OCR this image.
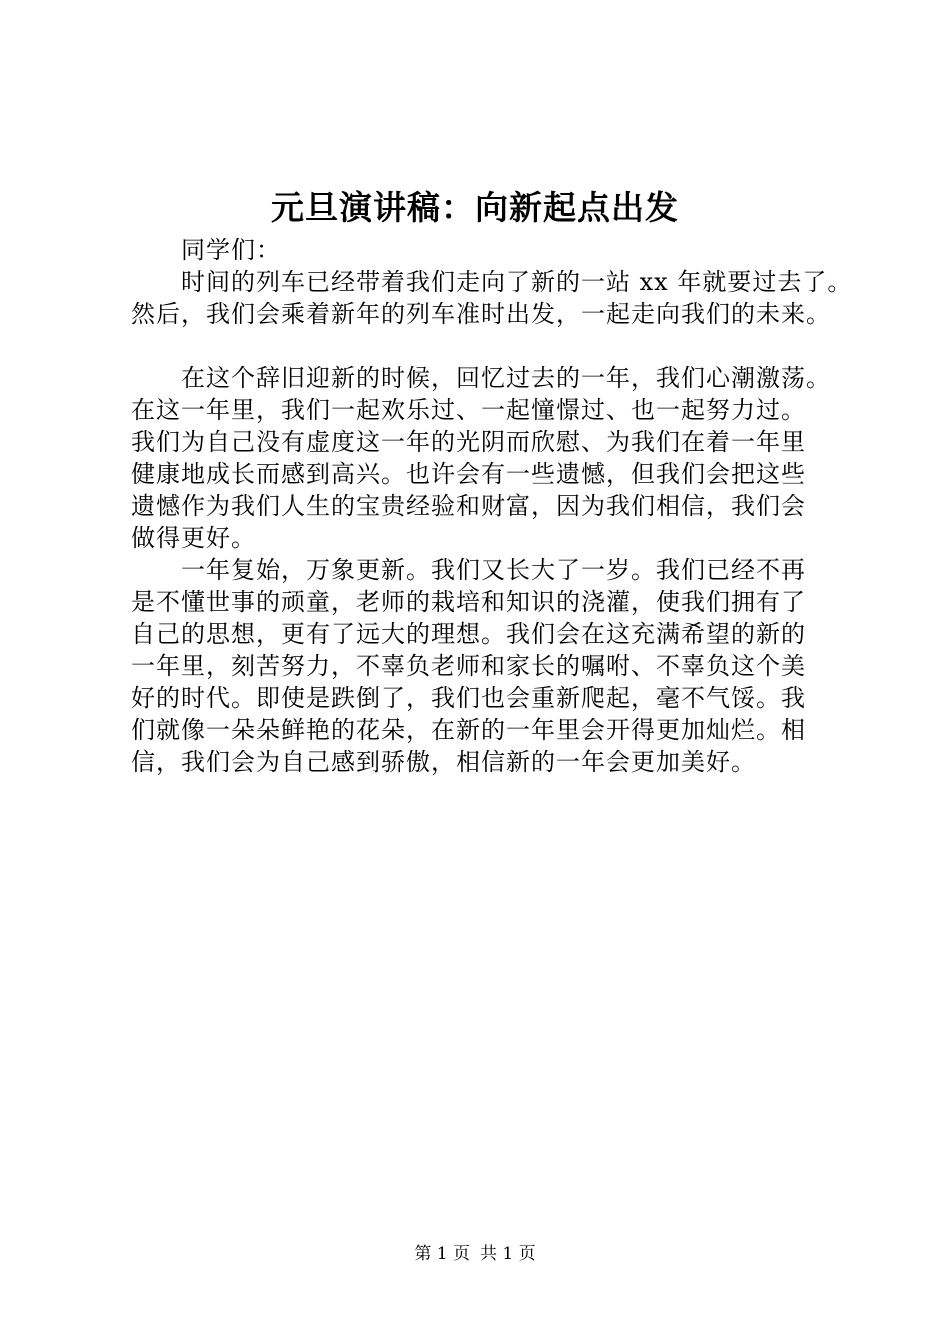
元旦演讲稿：向新起点出发
同学们：
时间的列车已经带着我们走向了新的一站 xx 年就要过去了。
然后，我们会乘着新年的列车准时出发，一起走向我们的未来。
在这个辞旧迎新的时候，回忆过去的一年，我们心潮激荡。
在这一年里，我们一起欢乐过、一起憧憬过、也一起努力过。
我们为自己没有虚度这一年的光阴而欣慰、为我们在着一年里
健康地成长而感到高兴。也许会有一些遗憾，但我们会把这些
遗憾作为我们人生的宝贵经验和财富，因为我们相信，我们会
做得更好。
一年复始，万象更新。我们又长大了一岁。我们已经不再
是不懂世事的顽童，老师的栽培和知识的浇灌，使我们拥有了
自己的思想，更有了远大的理想。我们会在这充满希望的新的
一年里，刻苦努力，不辜负老师和家长的嘱咐、不辜负这个美
好的时代。即使是跌倒了，我们也会重新爬起，毫不气馁。我
们就像一朵朵鲜艳的花朵，在新的一年里会开得更加灿烂。相
信，我们会为自己感到骄傲，相信新的一年会更加美好。
第 1 页 共 1 页
